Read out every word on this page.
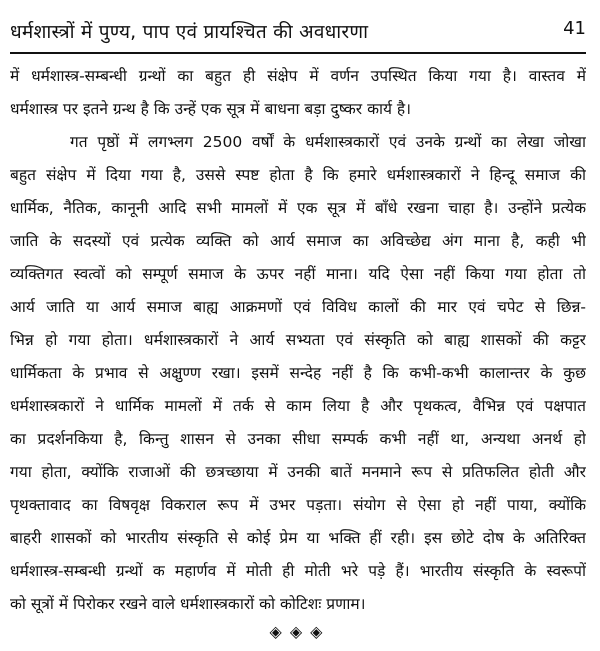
धर्मशास्त्रों में पुण्य, पाप एवं प्रायश्चित की अवधारणा	41
में धर्मशास्त्र-सम्बन्धी ग्रन्थों का बहुत ही संक्षेप में वर्णन उपस्थित किया गया है। वास्तव में
धर्मशास्त्र पर इतने ग्रन्थ है कि उन्हें एक सूत्र में बाधना बड़ा दुष्कर कार्य है।
गत पृष्ठों में लगभ्लग 2500 वर्षों के धर्मशास्त्रकारों एवं उनके ग्रन्थों का लेखा जोखा
बहुत संक्षेप में दिया गया है, उससे स्पष्ट होता है कि हमारे धर्मशास्त्रकारों ने हिन्दू समाज की
धार्मिक, नैतिक, कानूनी आदि सभी मामलों में एक सूत्र में बाँधे रखना चाहा है। उन्होंने प्रत्येक
जाति के सदस्यों एवं प्रत्येक व्यक्ति को आर्य समाज का अविच्छेद्य अंग माना है, कही भी
व्यक्तिगत स्वत्वों को सम्पूर्ण समाज के ऊपर नहीं माना। यदि ऐसा नहीं किया गया होता तो
आर्य जाति या आर्य समाज बाह्य आक्रमणों एवं विविध कालों की मार एवं चपेट से छिन्न-
भिन्न हो गया होता। धर्मशास्त्रकारों ने आर्य सभ्यता एवं संस्कृति को बाह्य शासकों की कट्टर
धार्मिकता के प्रभाव से अक्षुण्ण रखा। इसमें सन्देह नहीं है कि कभी-कभी कालान्तर के कुछ
धर्मशास्त्रकारों ने धार्मिक मामलों में तर्क से काम लिया है और पृथकत्व, वैभिन्न एवं पक्षपात
का प्रदर्शनकिया है, किन्तु शासन से उनका सीधा सम्पर्क कभी नहीं था, अन्यथा अनर्थ हो
गया होता, क्योंकि राजाओं की छत्रच्छाया में उनकी बातें मनमाने रूप से प्रतिफलित होती और
पृथक्तावाद का विषवृक्ष विकराल रूप में उभर पड़ता। संयोग से ऐसा हो नहीं पाया, क्योंकि
बाहरी शासकों को भारतीय संस्कृति से कोई प्रेम या भक्ति हीं रही। इस छोटे दोष के अतिरिक्त
धर्मशास्त्र-सम्बन्धी ग्रन्थों क महार्णव में मोती ही मोती भरे पड़े हैं। भारतीय संस्कृति के स्वरूपों
को सूत्रों में पिरोकर रखने वाले धर्मशास्त्रकारों को कोटिशः प्रणाम।
◈◈◈
